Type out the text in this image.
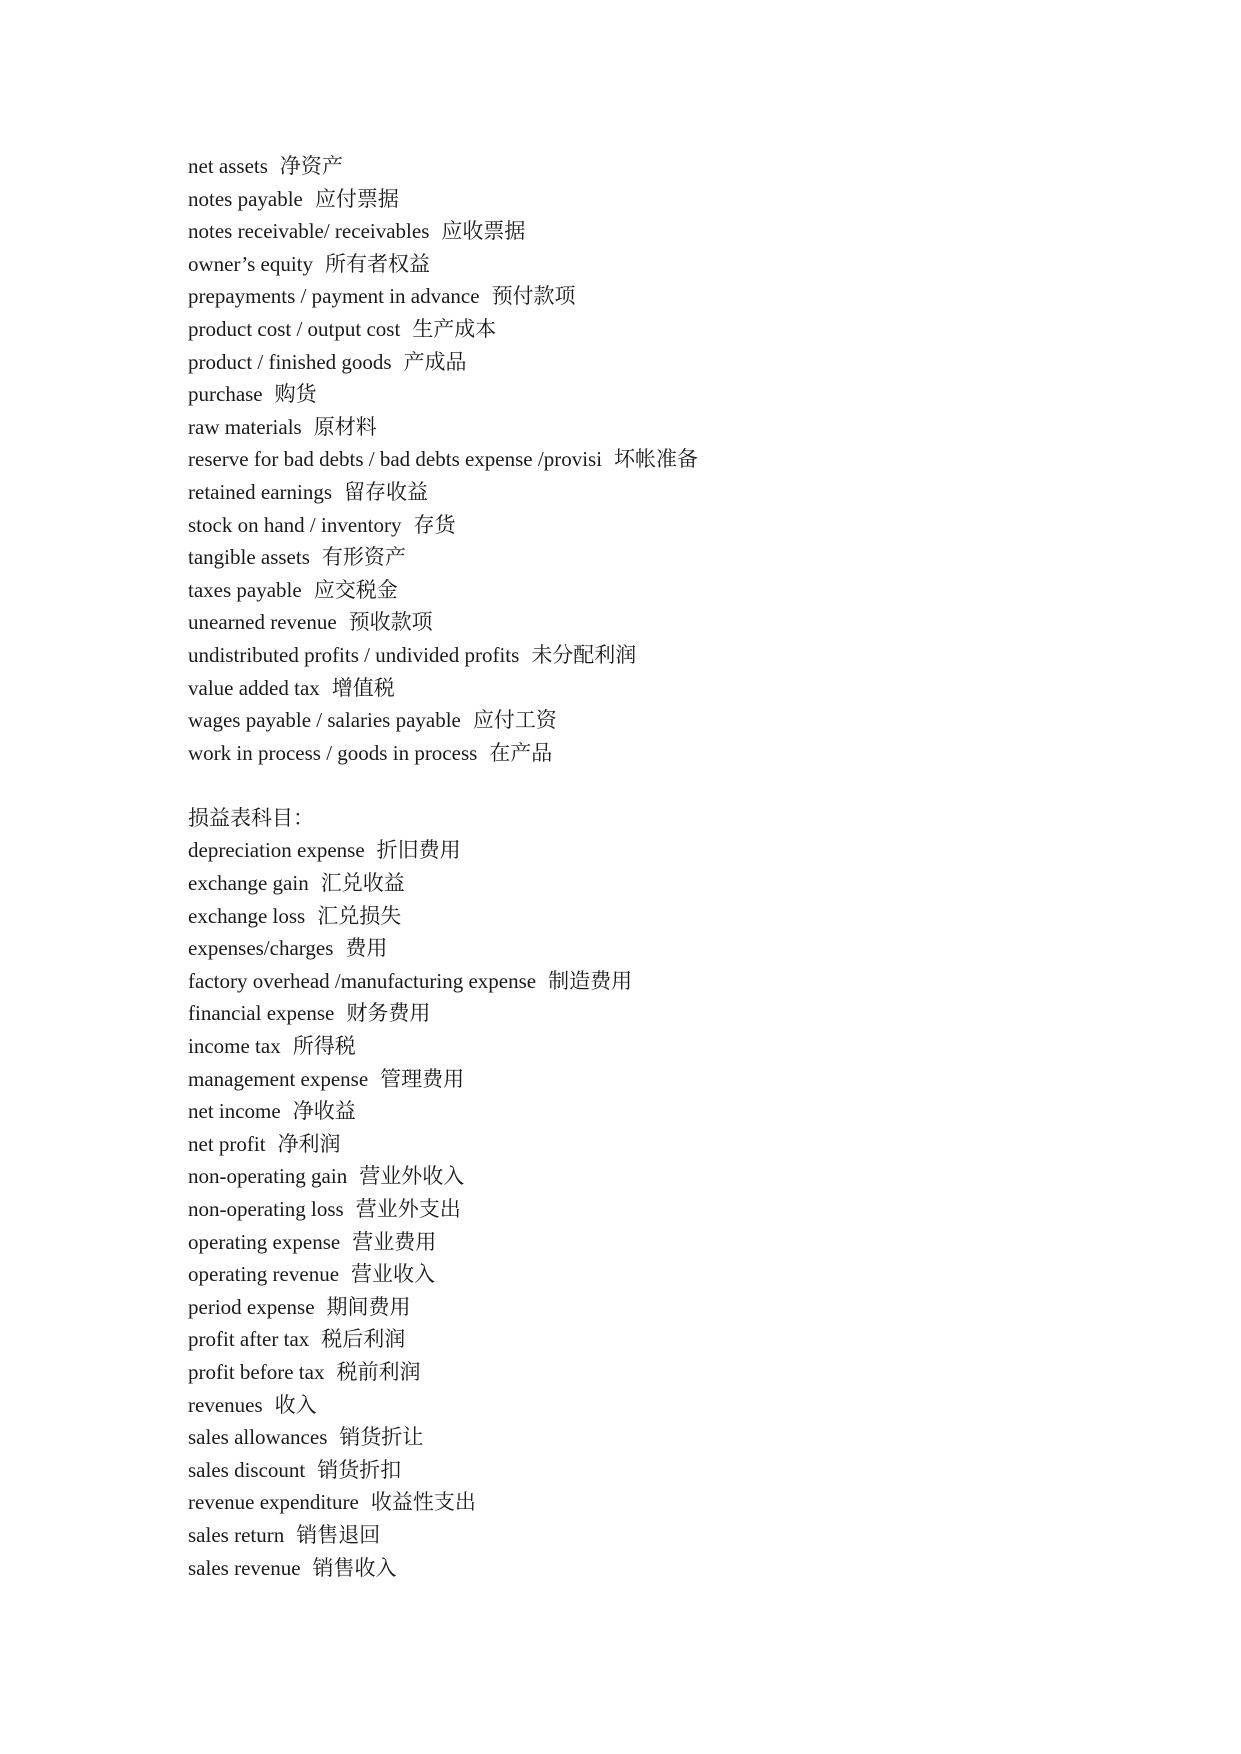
net assets 净资产
notes payable 应付票据
notes receivable/ receivables 应收票据
owner’s equity 所有者权益
prepayments / payment in advance 预付款项
product cost / output cost 生产成本
product / finished goods 产成品
purchase 购货
raw materials 原材料
reserve for bad debts / bad debts expense /provisi 坏帐准备
retained earnings 留存收益
stock on hand / inventory 存货
tangible assets 有形资产
taxes payable 应交税金
unearned revenue 预收款项
undistributed profits / undivided profits 未分配利润
value added tax 增值税
wages payable / salaries payable 应付工资
work in process / goods in process 在产品
损益表科目：
depreciation expense 折旧费用
exchange gain 汇兑收益
exchange loss 汇兑损失
expenses/charges 费用
factory overhead /manufacturing expense 制造费用
financial expense 财务费用
income tax 所得税
management expense 管理费用
net income 净收益
net profit 净利润
non-operating gain 营业外收入
non-operating loss 营业外支出
operating expense 营业费用
operating revenue 营业收入
period expense 期间费用
profit after tax 税后利润
profit before tax 税前利润
revenues 收入
sales allowances 销货折让
sales discount 销货折扣
revenue expenditure 收益性支出
sales return 销售退回
sales revenue 销售收入
